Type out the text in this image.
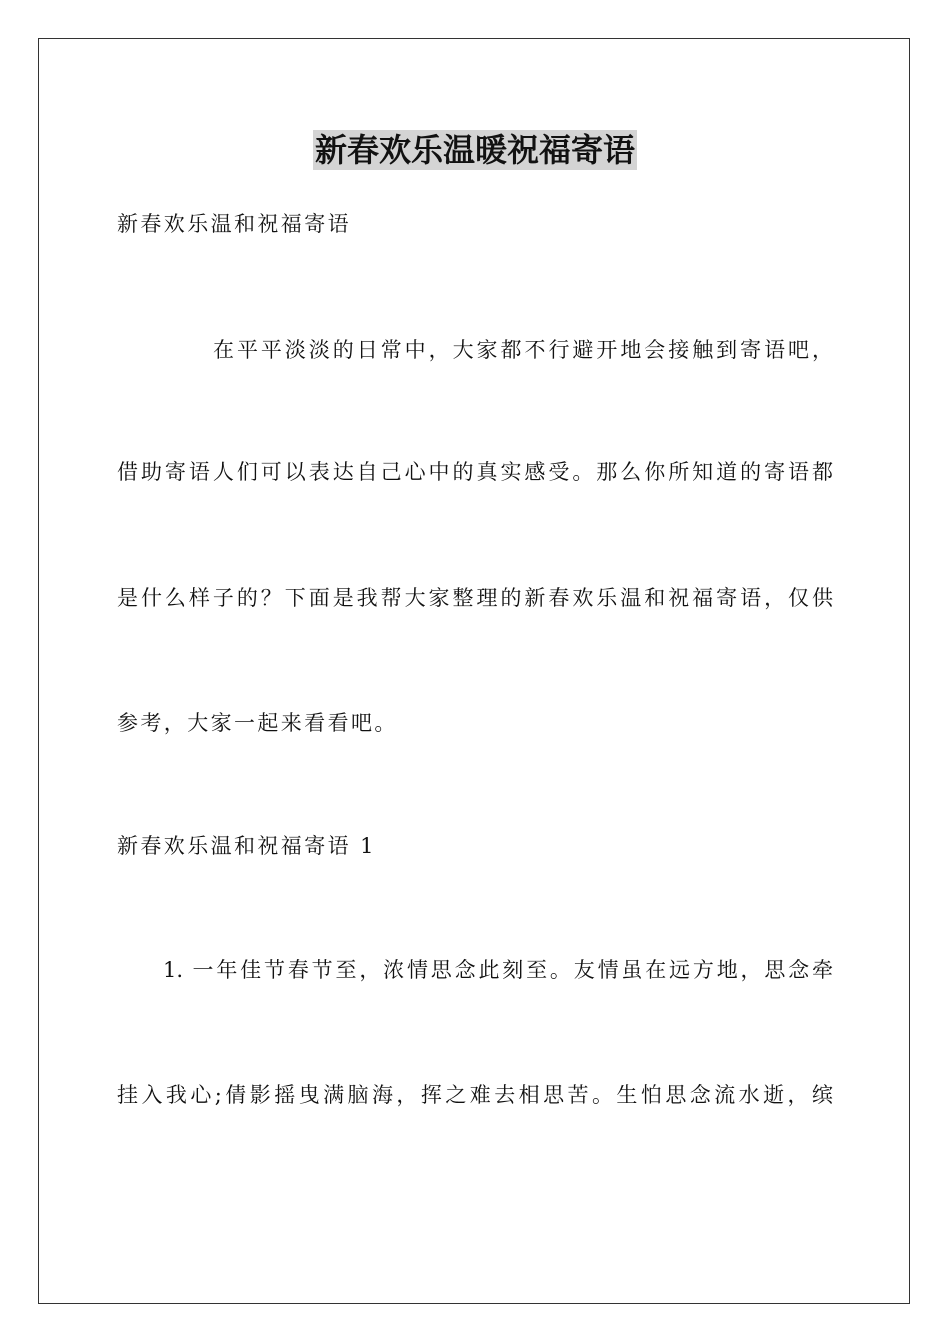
新春欢乐温暖祝福寄语
新春欢乐温和祝福寄语
在平平淡淡的日常中，大家都不行避开地会接触到寄语吧，
借助寄语人们可以表达自己心中的真实感受。那么你所知道的寄语都
是什么样子的？下面是我帮大家整理的新春欢乐温和祝福寄语，仅供
参考，大家一起来看看吧。
新春欢乐温和祝福寄语 1
1. 一年佳节春节至，浓情思念此刻至。友情虽在远方地，思念牵
挂入我心;倩影摇曳满脑海，挥之难去相思苦。生怕思念流水逝，缤
